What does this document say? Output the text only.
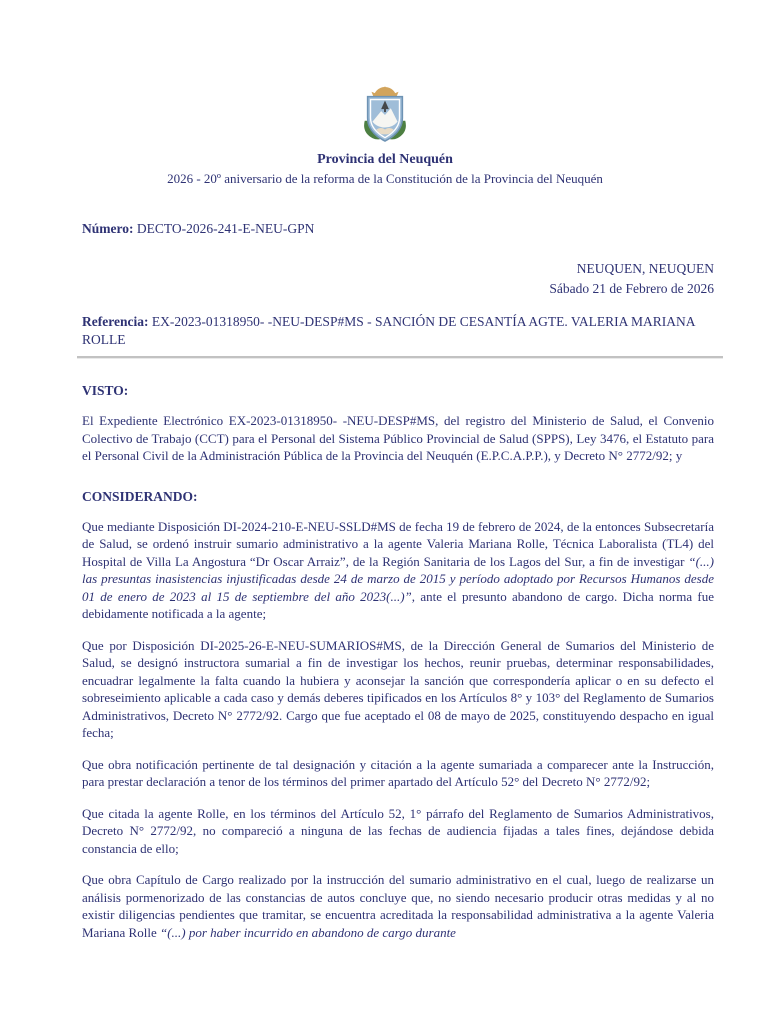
Provincia del Neuquén
2026 - 20º aniversario de la reforma de la Constitución de la Provincia del Neuquén
Número: DECTO-2026-241-E-NEU-GPN
NEUQUEN, NEUQUEN
Sábado 21 de Febrero de 2026
Referencia: EX-2023-01318950- -NEU-DESP#MS - SANCIÓN DE CESANTÍA AGTE. VALERIA MARIANA ROLLE
VISTO:
El Expediente Electrónico EX-2023-01318950- -NEU-DESP#MS, del registro del Ministerio de Salud, el Convenio Colectivo de Trabajo (CCT) para el Personal del Sistema Público Provincial de Salud (SPPS), Ley 3476, el Estatuto para el Personal Civil de la Administración Pública de la Provincia del Neuquén (E.P.C.A.P.P.), y Decreto N° 2772/92; y
CONSIDERANDO:
Que mediante Disposición DI-2024-210-E-NEU-SSLD#MS de fecha 19 de febrero de 2024, de la entonces Subsecretaría de Salud, se ordenó instruir sumario administrativo a la agente Valeria Mariana Rolle, Técnica Laboralista (TL4) del Hospital de Villa La Angostura “Dr Oscar Arraiz”, de la Región Sanitaria de los Lagos del Sur, a fin de investigar “(...) las presuntas inasistencias injustificadas desde 24 de marzo de 2015 y período adoptado por Recursos Humanos desde 01 de enero de 2023 al 15 de septiembre del año 2023(...)”, ante el presunto abandono de cargo. Dicha norma fue debidamente notificada a la agente;
Que por Disposición DI-2025-26-E-NEU-SUMARIOS#MS, de la Dirección General de Sumarios del Ministerio de Salud, se designó instructora sumarial a fin de investigar los hechos, reunir pruebas, determinar responsabilidades, encuadrar legalmente la falta cuando la hubiera y aconsejar la sanción que correspondería aplicar o en su defecto el sobreseimiento aplicable a cada caso y demás deberes tipificados en los Artículos 8° y 103° del Reglamento de Sumarios Administrativos, Decreto N° 2772/92. Cargo que fue aceptado el 08 de mayo de 2025, constituyendo despacho en igual fecha;
Que obra notificación pertinente de tal designación y citación a la agente sumariada a comparecer ante la Instrucción, para prestar declaración a tenor de los términos del primer apartado del Artículo 52° del Decreto N° 2772/92;
Que citada la agente Rolle, en los términos del Artículo 52, 1° párrafo del Reglamento de Sumarios Administrativos, Decreto N° 2772/92, no compareció a ninguna de las fechas de audiencia fijadas a tales fines, dejándose debida constancia de ello;
Que obra Capítulo de Cargo realizado por la instrucción del sumario administrativo en el cual, luego de realizarse un análisis pormenorizado de las constancias de autos concluye que, no siendo necesario producir otras medidas y al no existir diligencias pendientes que tramitar, se encuentra acreditada la responsabilidad administrativa a la agente Valeria Mariana Rolle “(...) por haber incurrido en abandono de cargo durante
